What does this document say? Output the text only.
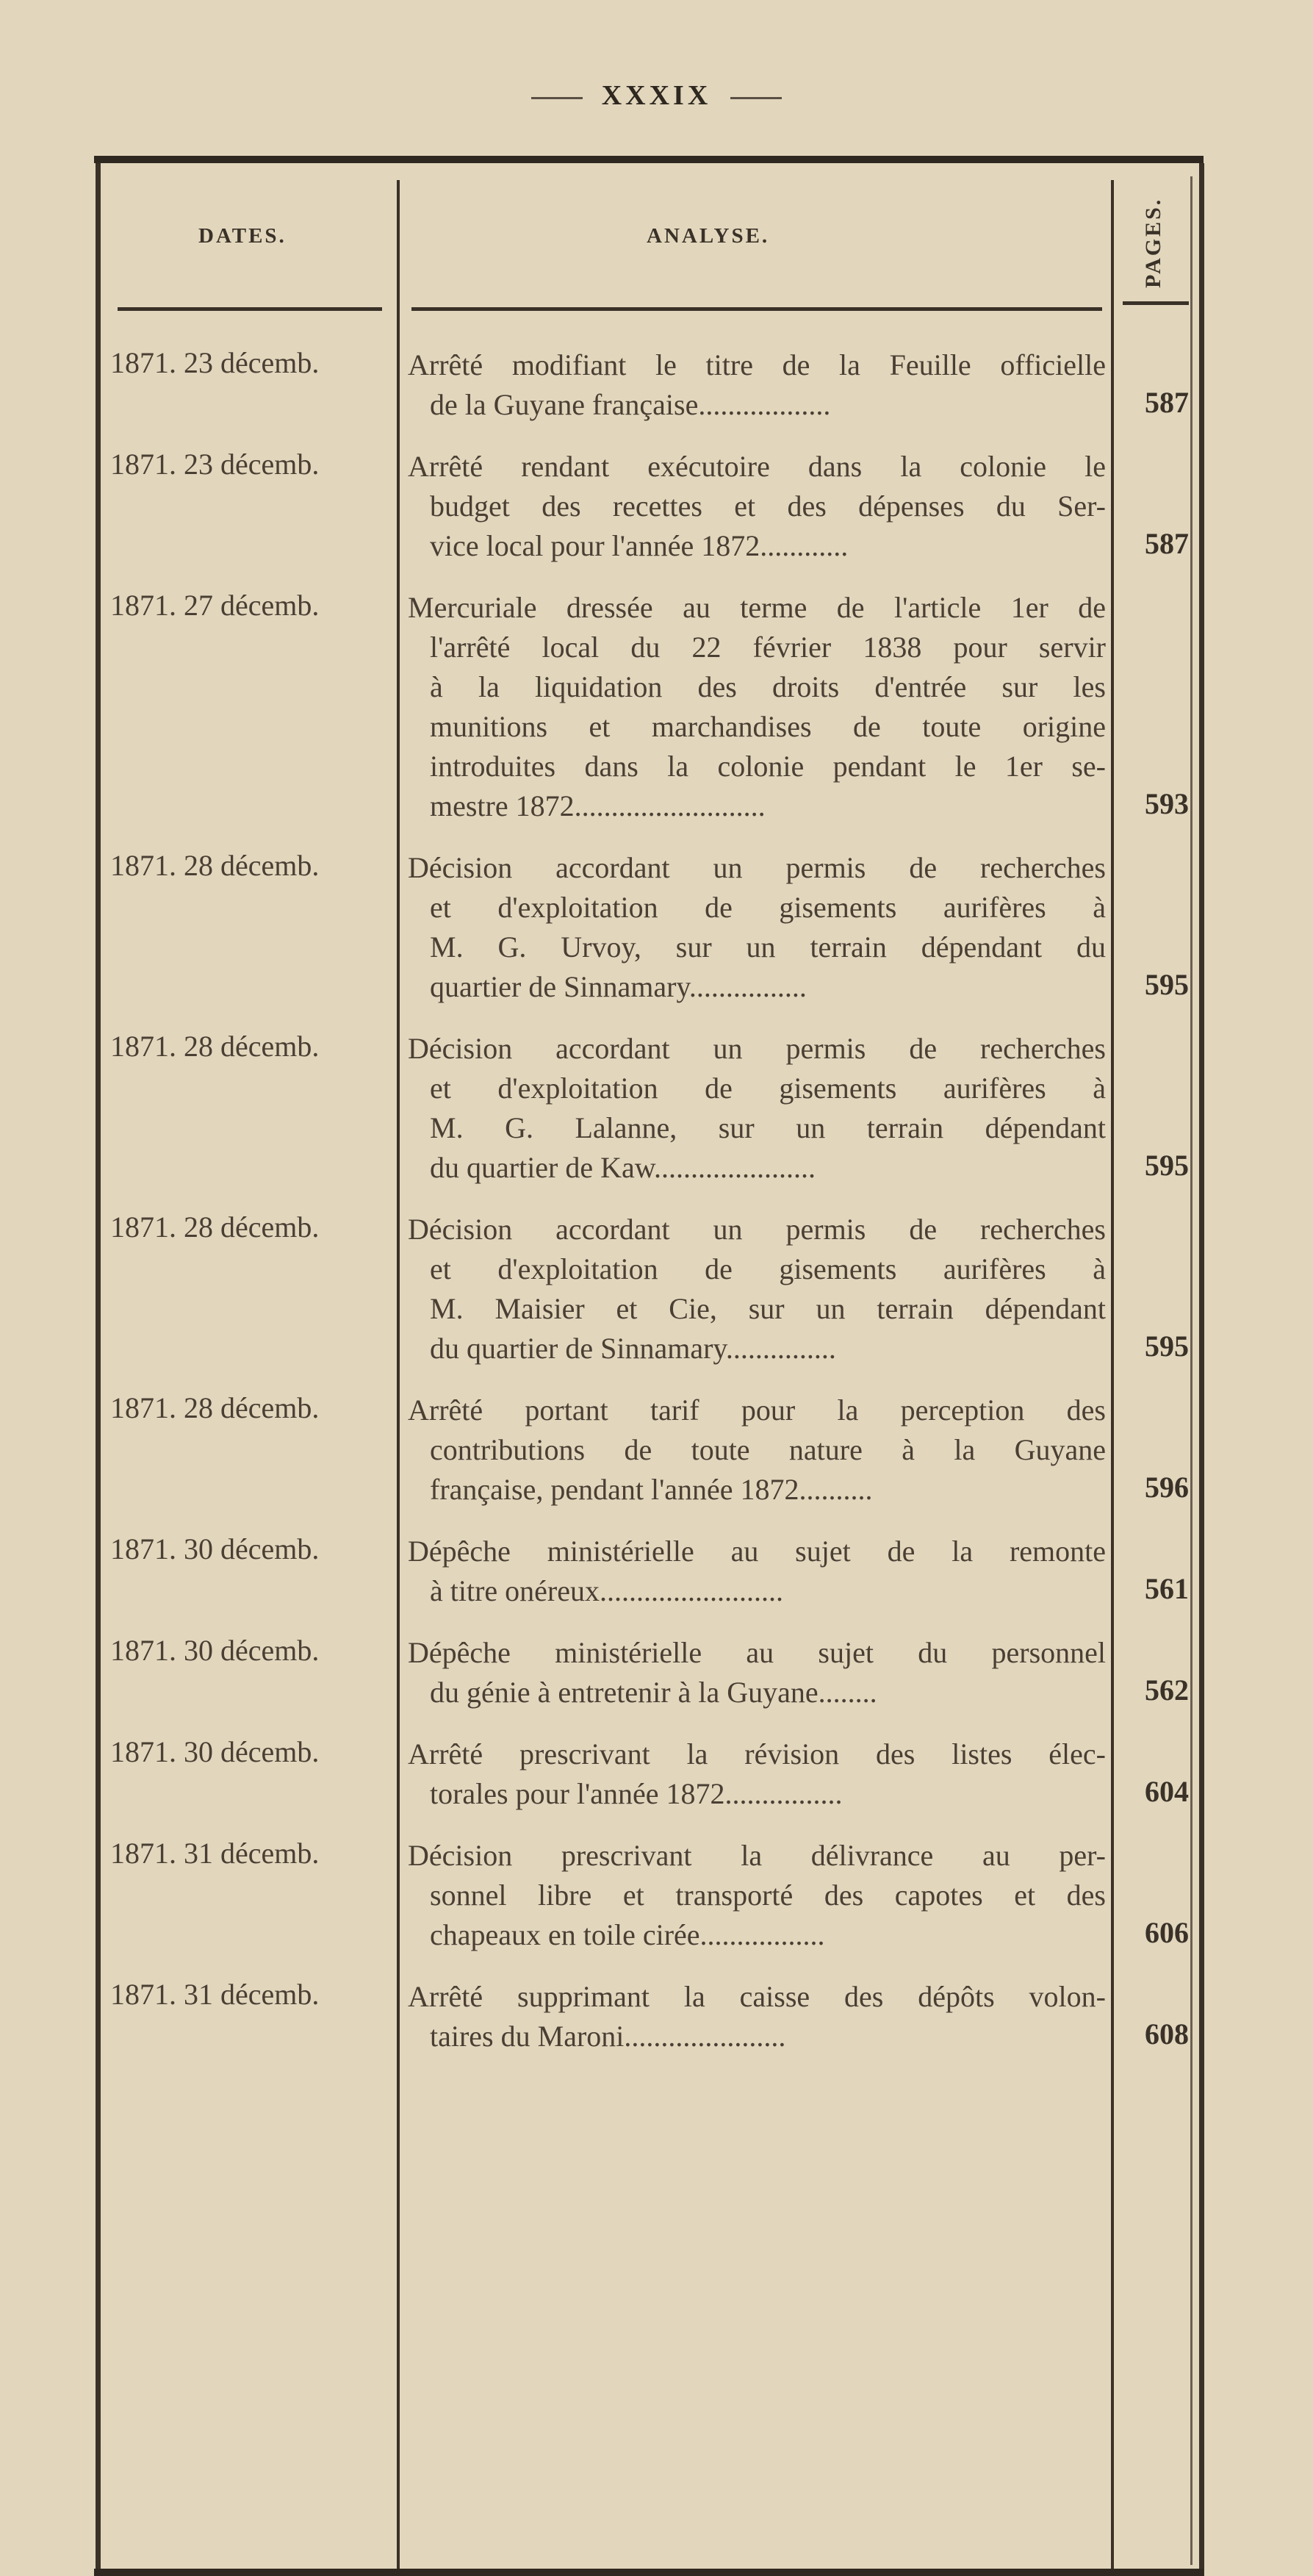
XXXIX
DATES.	ANALYSE.	PAGES.
1871. 23 décemb.	Arrêté modifiant le titre de la Feuille officielle
de la Guyane française..................	587
1871. 23 décemb.	Arrêté rendant exécutoire dans la colonie le
budget des recettes et des dépenses du Ser-
vice local pour l'année 1872............	587
1871. 27 décemb.	Mercuriale dressée au terme de l'article 1er de
l'arrêté local du 22 février 1838 pour servir
à la liquidation des droits d'entrée sur les
munitions et marchandises de toute origine
introduites dans la colonie pendant le 1er se-
mestre 1872..........................	593
1871. 28 décemb.	Décision accordant un permis de recherches
et d'exploitation de gisements aurifères à
M. G. Urvoy, sur un terrain dépendant du
quartier de Sinnamary................	595
1871. 28 décemb.	Décision accordant un permis de recherches
et d'exploitation de gisements aurifères à
M. G. Lalanne, sur un terrain dépendant
du quartier de Kaw......................	595
1871. 28 décemb.	Décision accordant un permis de recherches
et d'exploitation de gisements aurifères à
M. Maisier et Cie, sur un terrain dépendant
du quartier de Sinnamary...............	595
1871. 28 décemb.	Arrêté portant tarif pour la perception des
contributions de toute nature à la Guyane
française, pendant l'année 1872..........	596
1871. 30 décemb.	Dépêche ministérielle au sujet de la remonte
à titre onéreux.........................	561
1871. 30 décemb.	Dépêche ministérielle au sujet du personnel
du génie à entretenir à la Guyane........	562
1871. 30 décemb.	Arrêté prescrivant la révision des listes élec-
torales pour l'année 1872................	604
1871. 31 décemb.	Décision prescrivant la délivrance au per-
sonnel libre et transporté des capotes et des
chapeaux en toile cirée.................	606
1871. 31 décemb.	Arrêté supprimant la caisse des dépôts volon-
taires du Maroni......................	608
